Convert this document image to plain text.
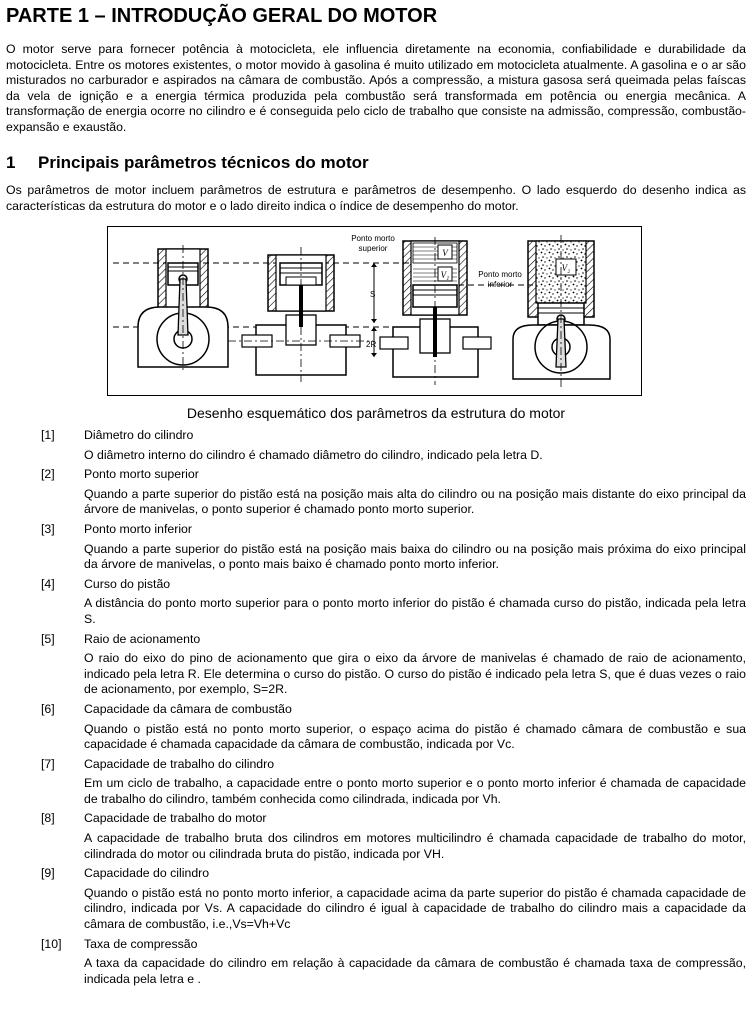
PARTE 1 – INTRODUÇÃO GERAL DO MOTOR

O motor serve para fornecer potência à motocicleta, ele influencia diretamente na economia, confiabilidade e durabilidade da motocicleta. Entre os motores existentes, o motor movido à gasolina é muito utilizado em motocicleta atualmente. A gasolina e o ar são misturados no carburador e aspirados na câmara de combustão. Após a compressão, a mistura gasosa será queimada pelas faíscas da vela de ignição e a energia térmica produzida pela combustão será transformada em potência ou energia mecânica. A transformação de energia ocorre no cilindro e é conseguida pelo ciclo de trabalho que consiste na admissão, compressão, combustão-expansão e exaustão.

1 Principais parâmetros técnicos do motor

Os parâmetros de motor incluem parâmetros de estrutura e parâmetros de desempenho. O lado esquerdo do desenho indica as características da estrutura do motor e o lado direito indica o índice de desempenho do motor.

S
2R
Ponto morto
superior	V
V₁	Ponto morto
inferior
V₂
Desenho esquemático dos parâmetros da estrutura do motor
[1] Diâmetro do cilindro
O diâmetro interno do cilindro é chamado diâmetro do cilindro, indicado pela letra D.
[2] Ponto morto superior
Quando a parte superior do pistão está na posição mais alta do cilindro ou na posição mais distante do eixo principal da árvore de manivelas, o ponto superior é chamado ponto morto superior.
[3] Ponto morto inferior
Quando a parte superior do pistão está na posição mais baixa do cilindro ou na posição mais próxima do eixo principal da árvore de manivelas, o ponto mais baixo é chamado ponto morto inferior.
[4] Curso do pistão
A distância do ponto morto superior para o ponto morto inferior do pistão é chamada curso do pistão, indicada pela letra S.
[5] Raio de acionamento
O raio do eixo do pino de acionamento que gira o eixo da árvore de manivelas é chamado de raio de acionamento, indicado pela letra R. Ele determina o curso do pistão. O curso do pistão é indicado pela letra S, que é duas vezes o raio de acionamento, por exemplo, S=2R.
[6] Capacidade da câmara de combustão
Quando o pistão está no ponto morto superior, o espaço acima do pistão é chamado câmara de combustão e sua capacidade é chamada capacidade da câmara de combustão, indicada por Vc.
[7] Capacidade de trabalho do cilindro
Em um ciclo de trabalho, a capacidade entre o ponto morto superior e o ponto morto inferior é chamada de capacidade de trabalho do cilindro, também conhecida como cilindrada, indicada por Vh.
[8] Capacidade de trabalho do motor
A capacidade de trabalho bruta dos cilindros em motores multicilindro é chamada capacidade de trabalho do motor, cilindrada do motor ou cilindrada bruta do pistão, indicada por VH.
[9] Capacidade do cilindro
Quando o pistão está no ponto morto inferior, a capacidade acima da parte superior do pistão é chamada capacidade de cilindro, indicada por Vs. A capacidade do cilindro é igual à capacidade de trabalho do cilindro mais a capacidade da câmara de combustão, i.e.,Vs=Vh+Vc
[10] Taxa de compressão
A taxa da capacidade do cilindro em relação à capacidade da câmara de combustão é chamada taxa de compressão, indicada pela letra e .
